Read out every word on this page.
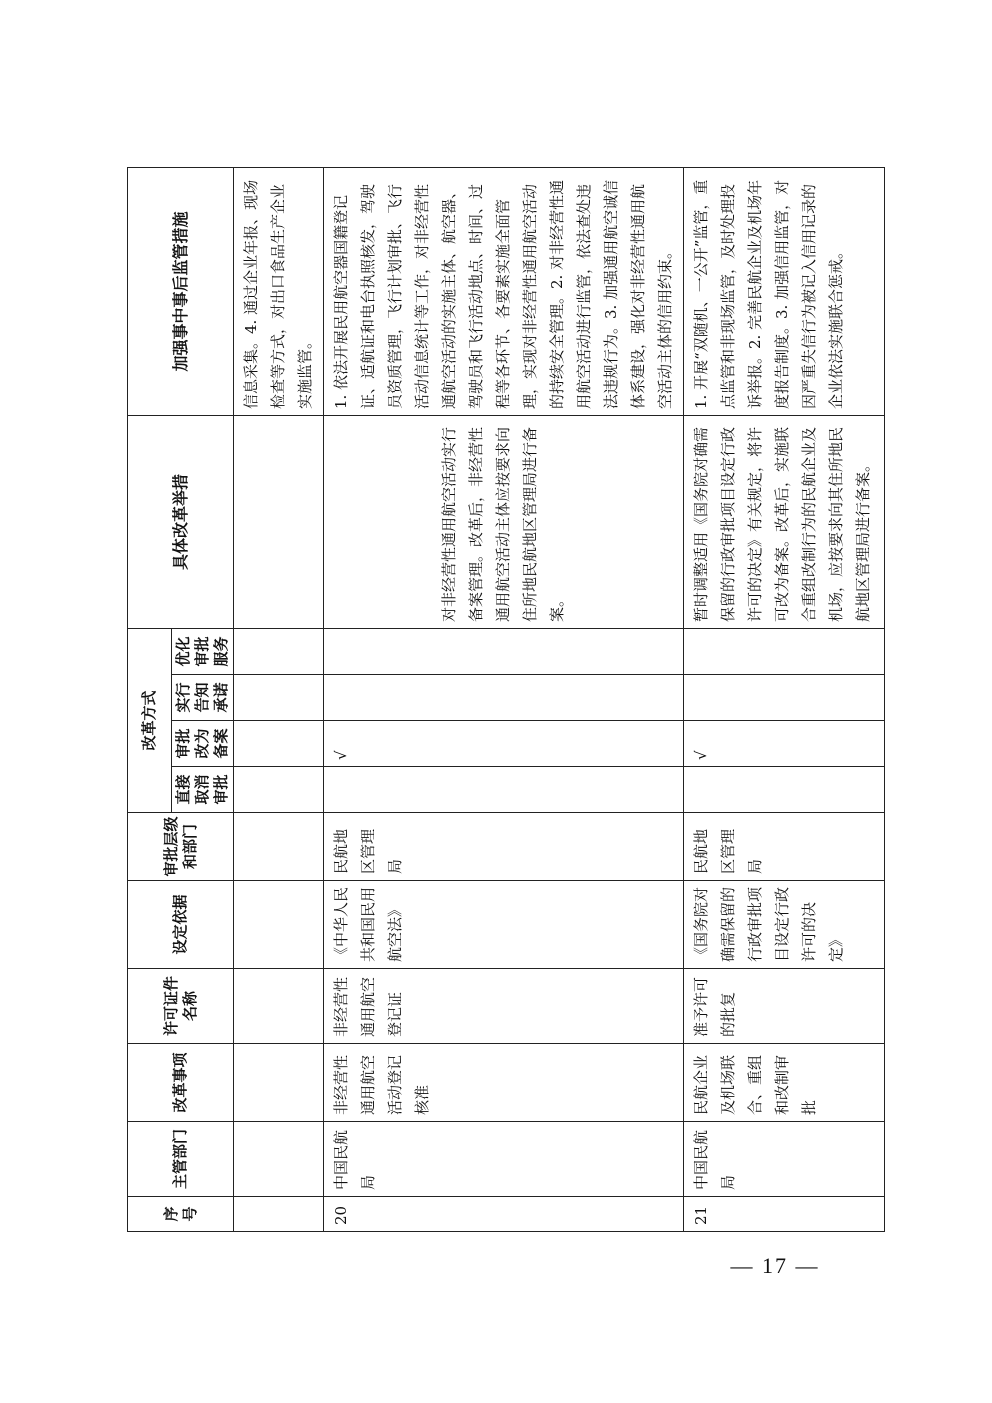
序号	主管部门	改革事项	许可证件名称	设定依据	审批层级和部门	改革方式				具体改革举措	加强事中事后监管措施
						直接取消审批	审批改为备案	实行告知承诺	优化审批服务		
											信息采集。4. 通过企业年报、现场检查等方式，对出口食品生产企业实施监管。
20	中国民航局	非经营性通用航空活动登记核准	非经营性通用航空登记证	《中华人民共和国民用航空法》	民航地区管理局		√			对非经营性通用航空活动实行备案管理。改革后，非经营性通用航空活动主体应按要求向住所地民航地区管理局进行备案。	1. 依法开展民用航空器国籍登记证、适航证和电台执照核发，驾驶员资质管理，飞行计划审批、飞行活动信息统计等工作，对非经营性通航空活动的实施主体、航空器、驾驶员和飞行活动地点、时间、过程等各环节、各要素实施全面管理，实现对非经营性通用航空活动的持续安全管理。2. 对非经营性通用航空活动进行监管，依法查处违法违规行为。3. 加强通用航空诚信体系建设，强化对非经营性通用航空活动主体的信用约束。
21	中国民航局	民航企业及机场联合、重组和改制审批	准予许可的批复	《国务院对确需保留的行政审批项目设定行政许可的决定》	民航地区管理局		√			暂时调整适用《国务院对确需保留的行政审批项目设定行政许可的决定》有关规定，将许可改为备案。改革后，实施联合重组改制行为的民航企业及机场，应按要求向其住所地民航地区管理局进行备案。	1. 开展“双随机、一公开”监管，重点监管和非现场监管，及时处理投诉举报。2. 完善民航企业及机场年度报告制度。3. 加强信用监管，对因严重失信行为被记入信用记录的企业依法实施联合惩戒。
— 17 —
